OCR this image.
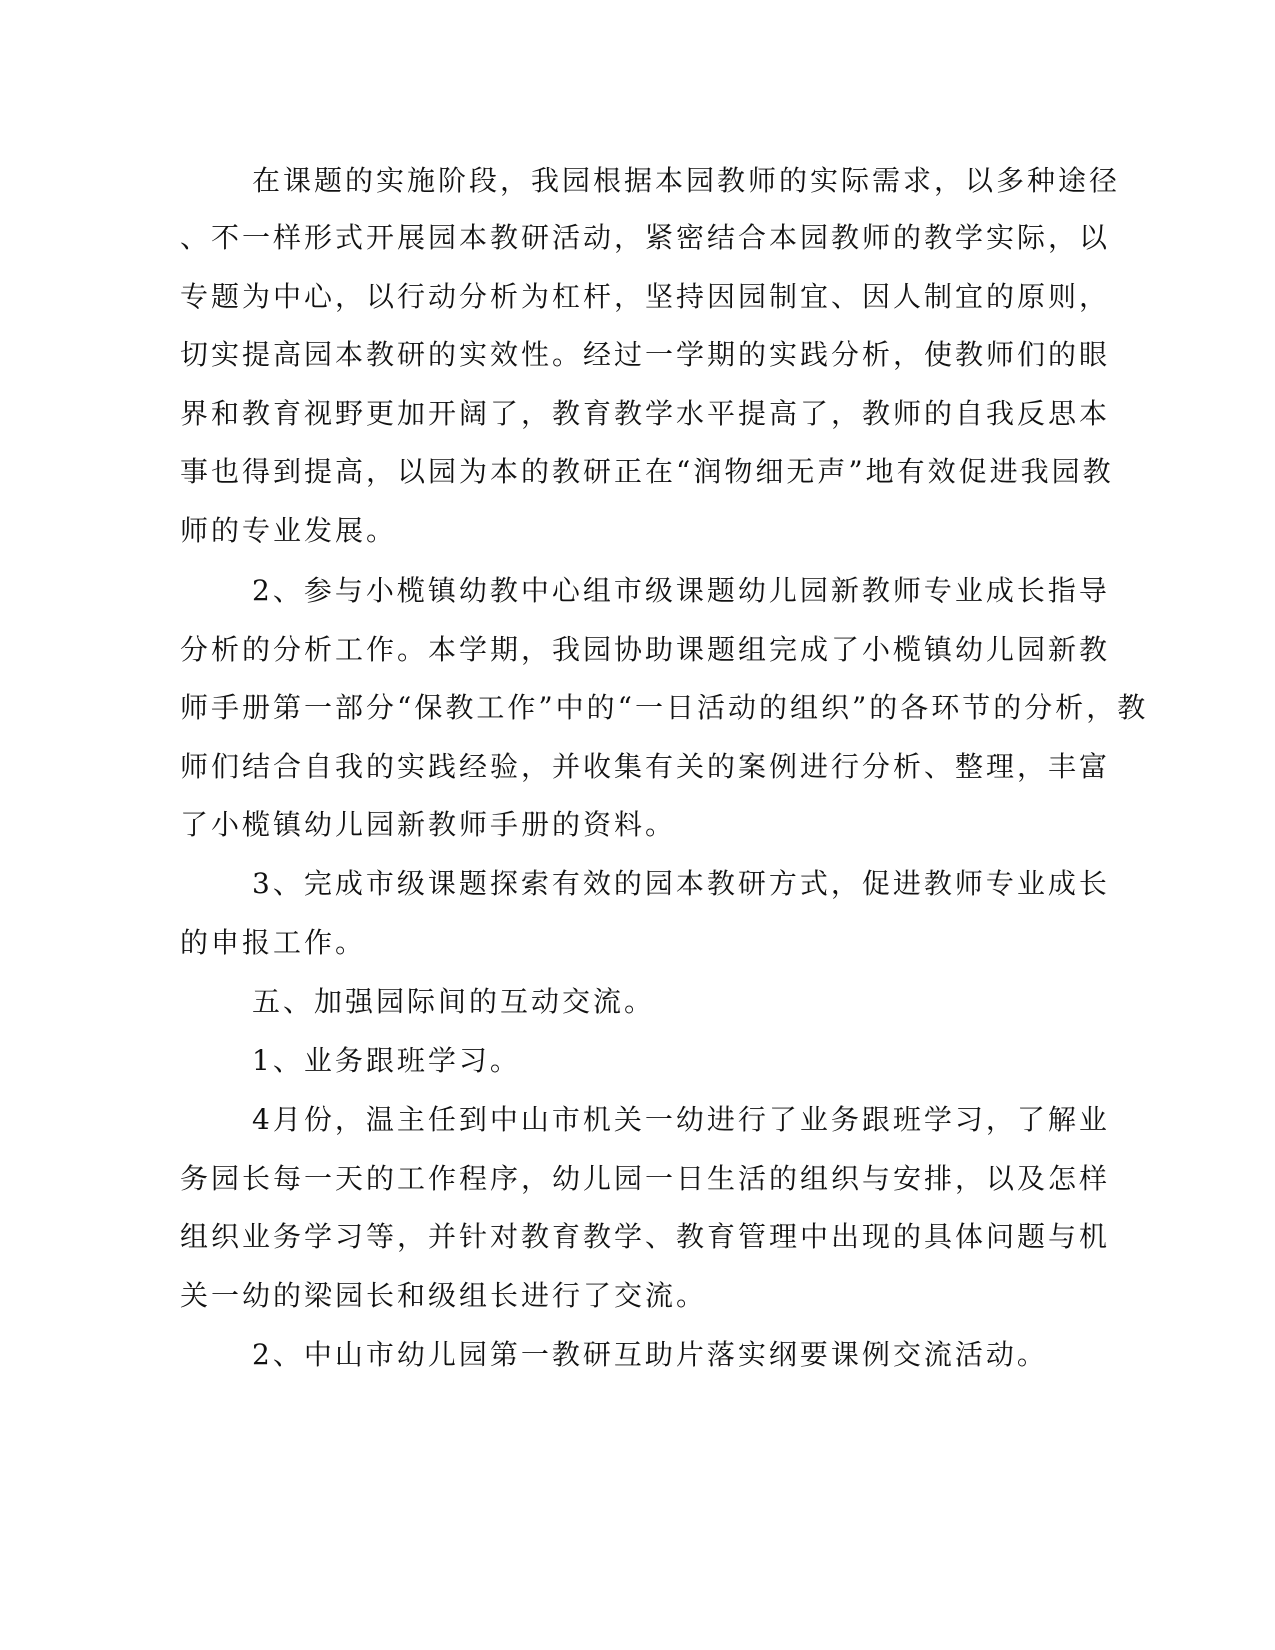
在课题的实施阶段，我园根据本园教师的实际需求，以多种途径

、不一样形式开展园本教研活动，紧密结合本园教师的教学实际，以

专题为中心，以行动分析为杠杆，坚持因园制宜、因人制宜的原则，

切实提高园本教研的实效性。经过一学期的实践分析，使教师们的眼

界和教育视野更加开阔了，教育教学水平提高了，教师的自我反思本

事也得到提高，以园为本的教研正在“润物细无声”地有效促进我园教

师的专业发展。

2、参与小榄镇幼教中心组市级课题幼儿园新教师专业成长指导

分析的分析工作。本学期，我园协助课题组完成了小榄镇幼儿园新教

师手册第一部分“保教工作”中的“一日活动的组织”的各环节的分析，教

师们结合自我的实践经验，并收集有关的案例进行分析、整理，丰富

了小榄镇幼儿园新教师手册的资料。

3、完成市级课题探索有效的园本教研方式，促进教师专业成长

的申报工作。

五、加强园际间的互动交流。

1、业务跟班学习。

4月份，温主任到中山市机关一幼进行了业务跟班学习，了解业

务园长每一天的工作程序，幼儿园一日生活的组织与安排，以及怎样

组织业务学习等，并针对教育教学、教育管理中出现的具体问题与机

关一幼的梁园长和级组长进行了交流。

2、中山市幼儿园第一教研互助片落实纲要课例交流活动。
